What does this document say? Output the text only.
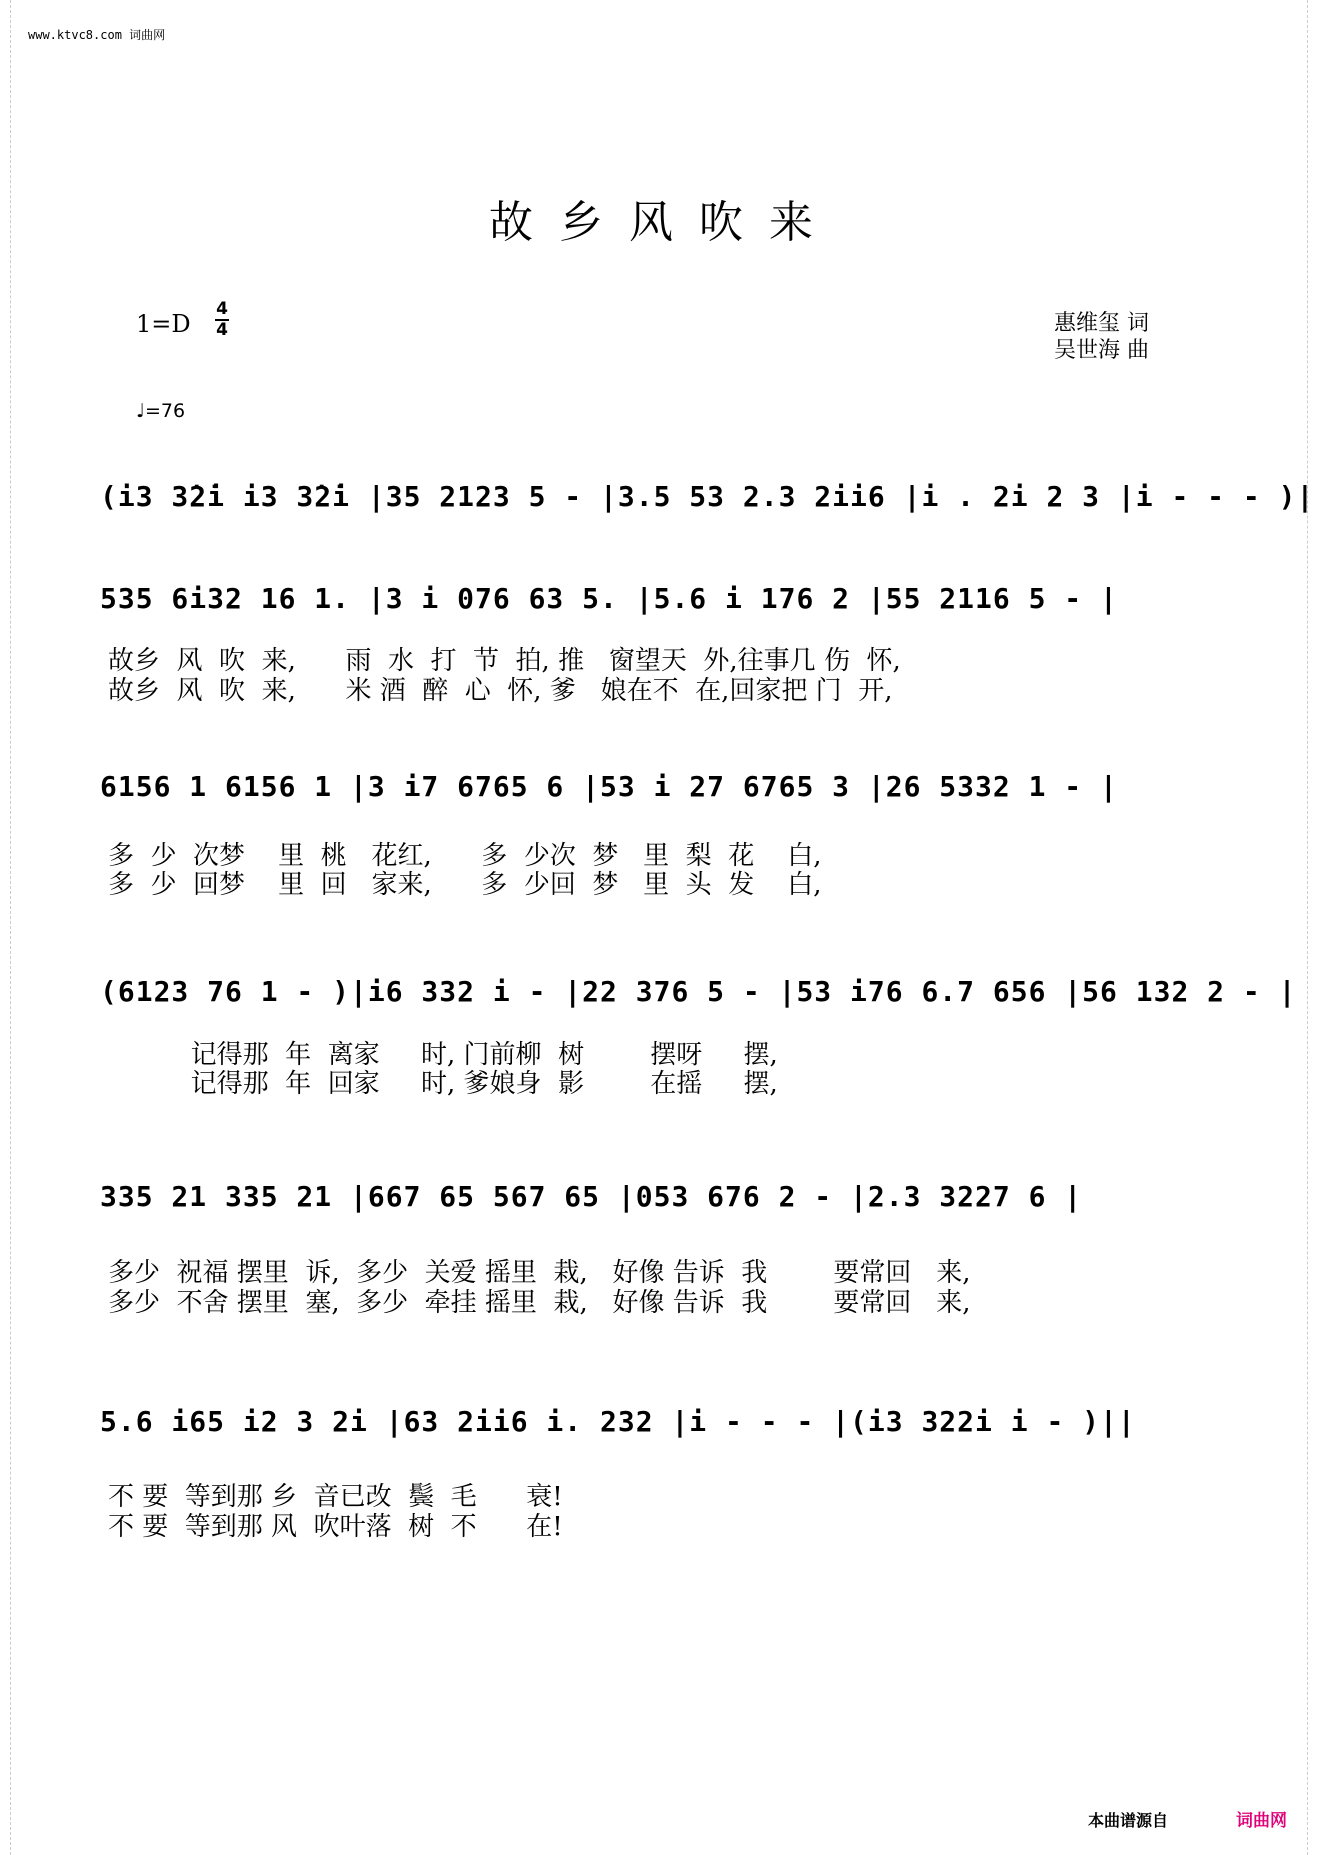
www.ktvc8.com 词曲网
故乡风吹来
1=D
4
4
♩=76
惠维玺 词
吴世海 曲
(i3 3̇2̇i i3 3̇2̇i |35 2123 5 - |3.5 53 2.3 2ii6 |i . 2i 2 3 |i - - - )|
535 6i32 16 1. |3 i 076 63 5. |5.6 i 176 2 |55 2116 5 - |
6156 1 6156 1 |3 i7 6765 6 |53 i 27 6765 3 |26 5332 1 - |
(6123 76 1 - )|i6 332 i - |22 376 5 - |53 i76 6.7 656 |56 132 2 - |
335 21 335 21 |667 65 567 65 |053 676 2 - |2.3 3227 6 |
5.6 i65 i2 3 2i |63 2ii6 i. 232 |i - - - |(i3 322i i - )||
故乡  风  吹  来,      雨  水  打  节  拍, 推   窗望天  外,往事几 伤  怀,
故乡  风  吹  来,      米 酒  醉  心  怀, 爹   娘在不  在,回家把 门  开,
多  少  次梦    里  桃   花红,      多  少次  梦   里  梨  花    白,
多  少  回梦    里  回   家来,      多  少回  梦   里  头  发    白,
记得那  年  离家     时, 门前柳  树        摆呀     摆,
记得那  年  回家     时, 爹娘身  影        在摇     摆,
多少  祝福 摆里  诉,  多少  关爱 摇里  栽,   好像 告诉  我        要常回   来,
多少  不舍 摆里  塞,  多少  牵挂 摇里  栽,   好像 告诉  我        要常回   来,
不 要  等到那 乡  音已改  鬓  毛      衰!
不 要  等到那 风  吹叶落  树  不      在!
本曲谱源自	词曲网
